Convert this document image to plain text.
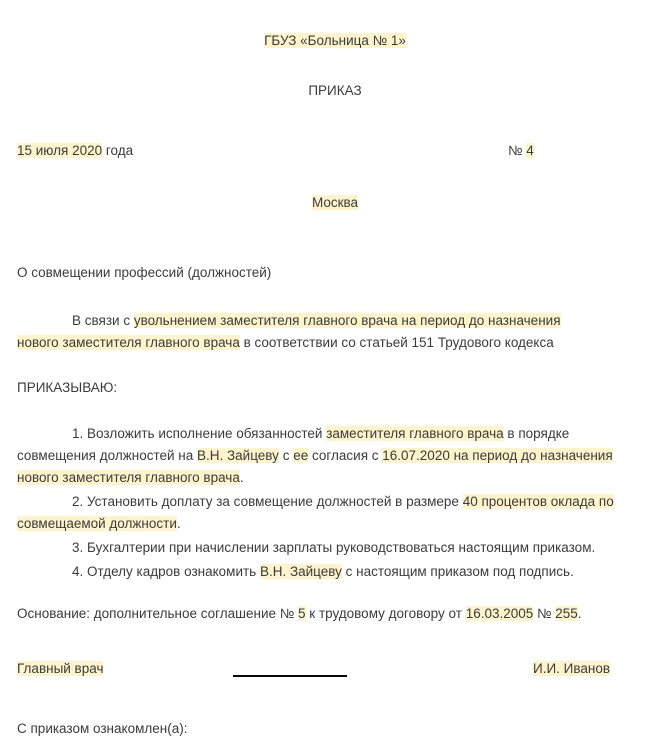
ГБУЗ «Больница № 1»
ПРИКАЗ
15 июля 2020 года	№ 4
Москва
О совмещении профессий (должностей)
В связи с увольнением заместителя главного врача на период до назначения нового заместителя главного врача в соответствии со статьей 151 Трудового кодекса
ПРИКАЗЫВАЮ:
1. Возложить исполнение обязанностей заместителя главного врача в порядке совмещения должностей на В.Н. Зайцеву с ее согласия с 16.07.2020 на период до назначения нового заместителя главного врача.
2. Установить доплату за совмещение должностей в размере 40 процентов оклада по совмещаемой должности.
3. Бухгалтерии при начислении зарплаты руководствоваться настоящим приказом.
4. Отделу кадров ознакомить В.Н. Зайцеву с настоящим приказом под подпись.
Основание: дополнительное соглашение № 5 к трудовому договору от 16.03.2005 № 255.
Главный врач	И.И. Иванов
С приказом ознакомлен(а):
